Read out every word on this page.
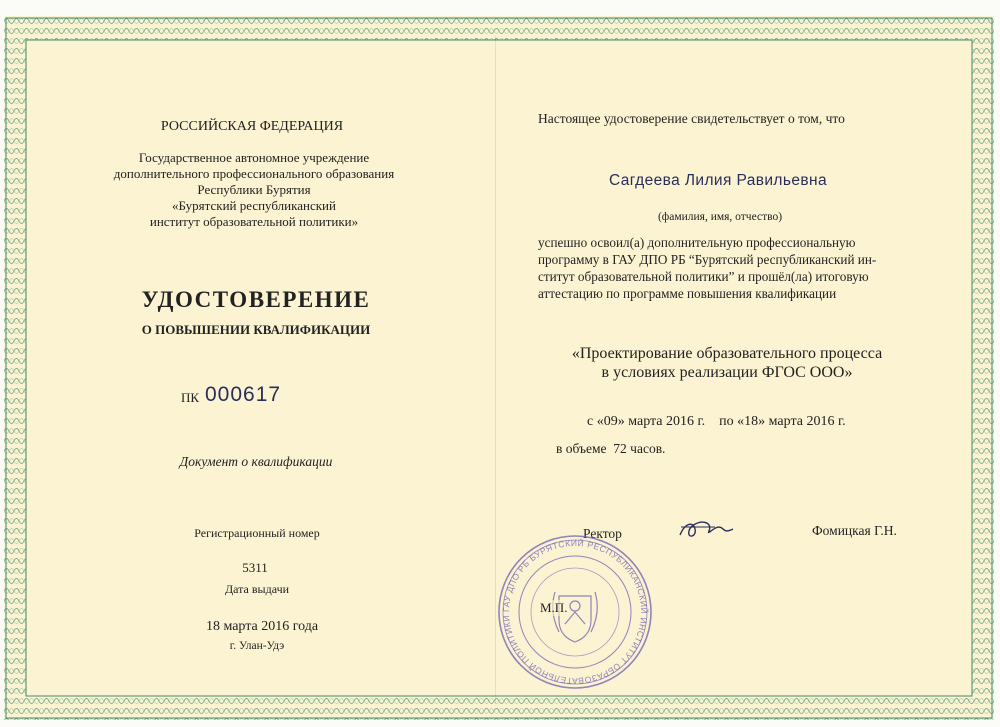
РОССИЙСКАЯ ФЕДЕРАЦИЯ
Государственное автономное учреждение
дополнительного профессионального образования
Республики Бурятия
«Бурятский республиканский
институт образовательной политики»
УДОСТОВЕРЕНИЕ
О ПОВЫШЕНИИ КВАЛИФИКАЦИИ
ПК 000617
Документ о квалификации
Регистрационный номер
5311
Дата выдачи
18 марта 2016 года
г. Улан-Удэ
Настоящее удостоверение свидетельствует о том, что
Сагдеева Лилия Равильевна
(фамилия, имя, отчество)
успешно освоил(а) дополнительную профессиональную
программу в ГАУ ДПО РБ “Бурятский республиканский ин-
ститут образовательной политики” и прошёл(ла) итоговую
аттестацию по программе повышения квалификации
«Проектирование образовательного процесса
в условиях реализации ФГОС ООО»
с «09» марта 2016 г.    по «18» марта 2016 г.
в объеме  72 часов.
Ректор	Фомицкая Г.Н.
ГАУ ДПО РБ БУРЯТСКИЙ РЕСПУБЛИКАНСКИЙ ИНСТИТУТ ОБРАЗОВАТЕЛЬНОЙ ПОЛИТИКИ
М.П.
